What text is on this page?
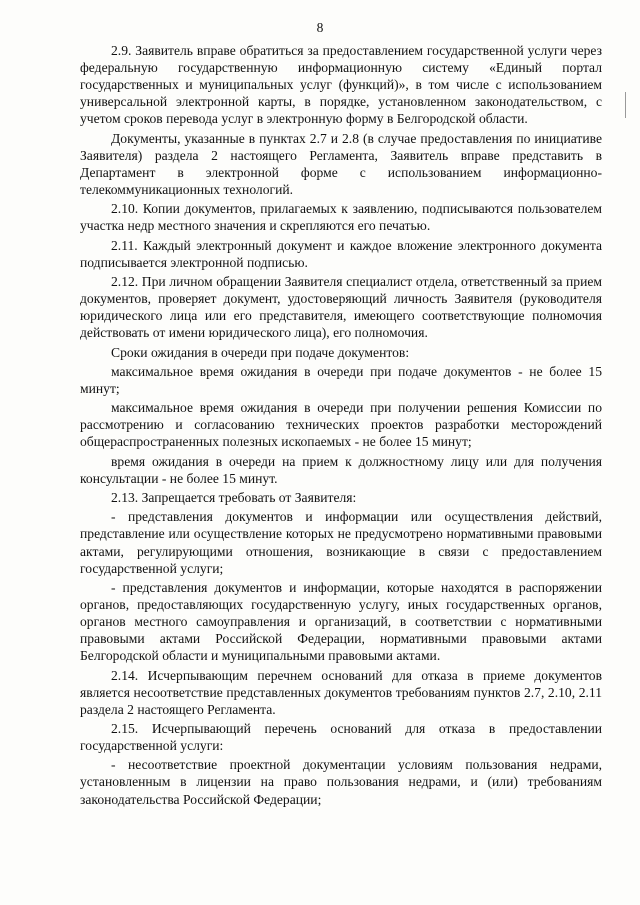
8

2.9. Заявитель вправе обратиться за предоставлением государственной услуги через федеральную государственную информационную систему «Единый портал государственных и муниципальных услуг (функций)», в том числе с использованием универсальной электронной карты, в порядке, установленном законодательством, с учетом сроков перевода услуг в электронную форму в Белгородской области.

Документы, указанные в пунктах 2.7 и 2.8 (в случае предоставления по инициативе Заявителя) раздела 2 настоящего Регламента, Заявитель вправе представить в Департамент в электронной форме с использованием информационно- телекоммуникационных технологий.

2.10. Копии документов, прилагаемых к заявлению, подписываются пользователем участка недр местного значения и скрепляются его печатью.

2.11. Каждый электронный документ и каждое вложение электронного документа подписывается электронной подписью.

2.12. При личном обращении Заявителя специалист отдела, ответственный за прием документов, проверяет документ, удостоверяющий личность Заявителя (руководителя юридического лица или его представителя, имеющего соответствующие полномочия действовать от имени юридического лица), его полномочия.

Сроки ожидания в очереди при подаче документов:

максимальное время ожидания в очереди при подаче документов - не более 15 минут;

максимальное время ожидания в очереди при получении решения Комиссии по рассмотрению и согласованию технических проектов разработки месторождений общераспространенных полезных ископаемых - не более 15 минут;

время ожидания в очереди на прием к должностному лицу или для получения консультации - не более 15 минут.

2.13. Запрещается требовать от Заявителя:

- представления документов и информации или осуществления действий, представление или осуществление которых не предусмотрено нормативными правовыми актами, регулирующими отношения, возникающие в связи с предоставлением государственной услуги;

- представления документов и информации, которые находятся в распоряжении органов, предоставляющих государственную услугу, иных государственных органов, органов местного самоуправления и организаций, в соответствии с нормативными правовыми актами Российской Федерации, нормативными правовыми актами Белгородской области и муниципальными правовыми актами.

2.14. Исчерпывающим перечнем оснований для отказа в приеме документов является несоответствие представленных документов требованиям пунктов 2.7, 2.10, 2.11 раздела 2 настоящего Регламента.

2.15. Исчерпывающий перечень оснований для отказа в предоставлении государственной услуги:

- несоответствие проектной документации условиям пользования недрами, установленным в лицензии на право пользования недрами, и (или) требованиям законодательства Российской Федерации;
